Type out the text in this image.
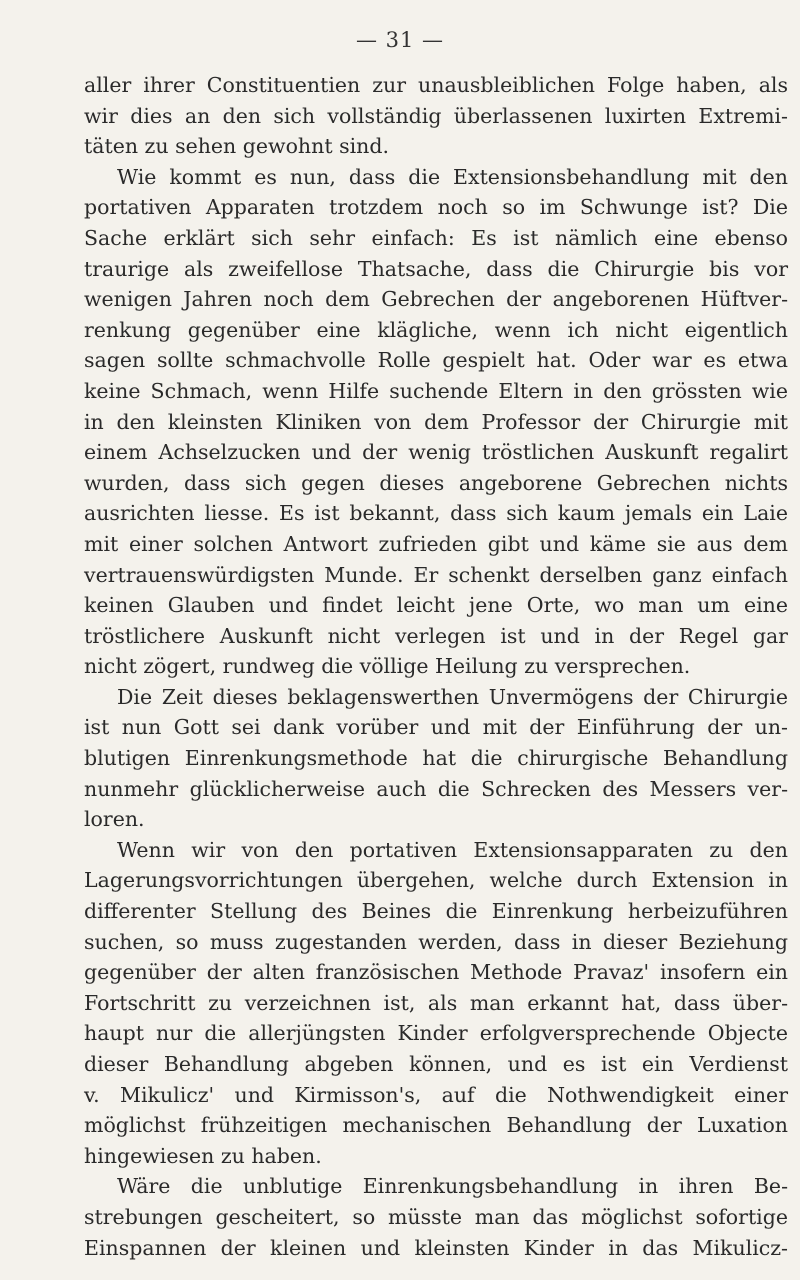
— 31 —
aller ihrer Constituentien zur unausbleiblichen Folge haben, als
wir dies an den sich vollständig überlassenen luxirten Extremi-
täten zu sehen gewohnt sind.
Wie kommt es nun, dass die Extensionsbehandlung mit den
portativen Apparaten trotzdem noch so im Schwunge ist? Die
Sache erklärt sich sehr einfach: Es ist nämlich eine ebenso
traurige als zweifellose Thatsache, dass die Chirurgie bis vor
wenigen Jahren noch dem Gebrechen der angeborenen Hüftver-
renkung gegenüber eine klägliche, wenn ich nicht eigentlich
sagen sollte schmachvolle Rolle gespielt hat. Oder war es etwa
keine Schmach, wenn Hilfe suchende Eltern in den grössten wie
in den kleinsten Kliniken von dem Professor der Chirurgie mit
einem Achselzucken und der wenig tröstlichen Auskunft regalirt
wurden, dass sich gegen dieses angeborene Gebrechen nichts
ausrichten liesse. Es ist bekannt, dass sich kaum jemals ein Laie
mit einer solchen Antwort zufrieden gibt und käme sie aus dem
vertrauenswürdigsten Munde. Er schenkt derselben ganz einfach
keinen Glauben und findet leicht jene Orte, wo man um eine
tröstlichere Auskunft nicht verlegen ist und in der Regel gar
nicht zögert, rundweg die völlige Heilung zu versprechen.
Die Zeit dieses beklagenswerthen Unvermögens der Chirurgie
ist nun Gott sei dank vorüber und mit der Einführung der un-
blutigen Einrenkungsmethode hat die chirurgische Behandlung
nunmehr glücklicherweise auch die Schrecken des Messers ver-
loren.
Wenn wir von den portativen Extensionsapparaten zu den
Lagerungsvorrichtungen übergehen, welche durch Extension in
differenter Stellung des Beines die Einrenkung herbeizuführen
suchen, so muss zugestanden werden, dass in dieser Beziehung
gegenüber der alten französischen Methode Pravaz' insofern ein
Fortschritt zu verzeichnen ist, als man erkannt hat, dass über-
haupt nur die allerjüngsten Kinder erfolgversprechende Objecte
dieser Behandlung abgeben können, und es ist ein Verdienst
v. Mikulicz' und Kirmisson's, auf die Nothwendigkeit einer
möglichst frühzeitigen mechanischen Behandlung der Luxation
hingewiesen zu haben.
Wäre die unblutige Einrenkungsbehandlung in ihren Be-
strebungen gescheitert, so müsste man das möglichst sofortige
Einspannen der kleinen und kleinsten Kinder in das Mikulicz-
